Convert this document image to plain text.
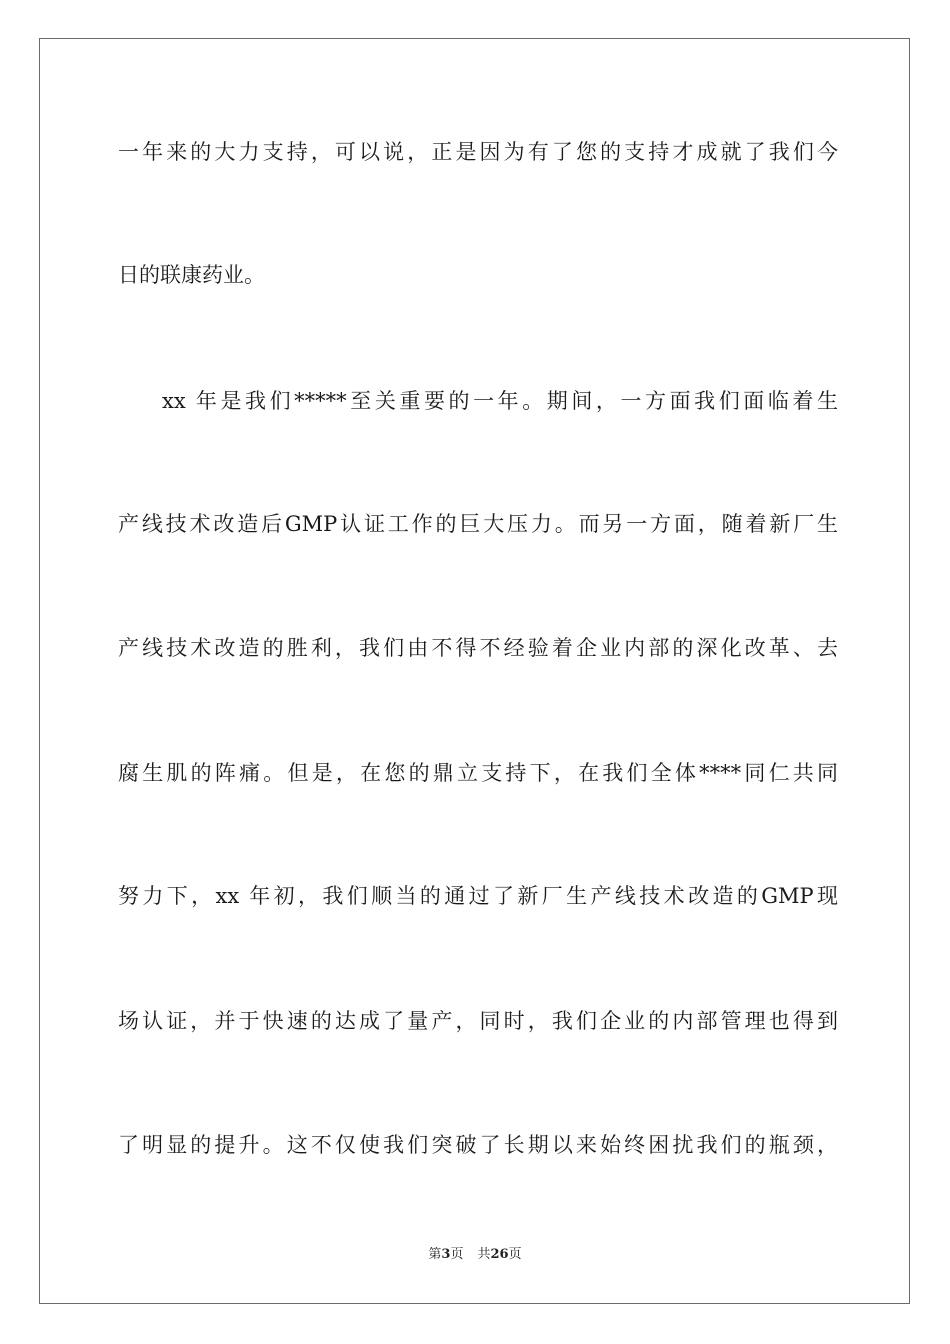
一年来的大力支持，可以说，正是因为有了您的支持才成就了我们今
日的联康药业。
xx 年是我们*****至关重要的一年。期间，一方面我们面临着生
产线技术改造后GMP认证工作的巨大压力。而另一方面，随着新厂生
产线技术改造的胜利，我们由不得不经验着企业内部的深化改革、去
腐生肌的阵痛。但是，在您的鼎立支持下，在我们全体****同仁共同
努力下，xx 年初，我们顺当的通过了新厂生产线技术改造的GMP现
场认证，并于快速的达成了量产，同时，我们企业的内部管理也得到
了明显的提升。这不仅使我们突破了长期以来始终困扰我们的瓶颈，
第3页 共26页
